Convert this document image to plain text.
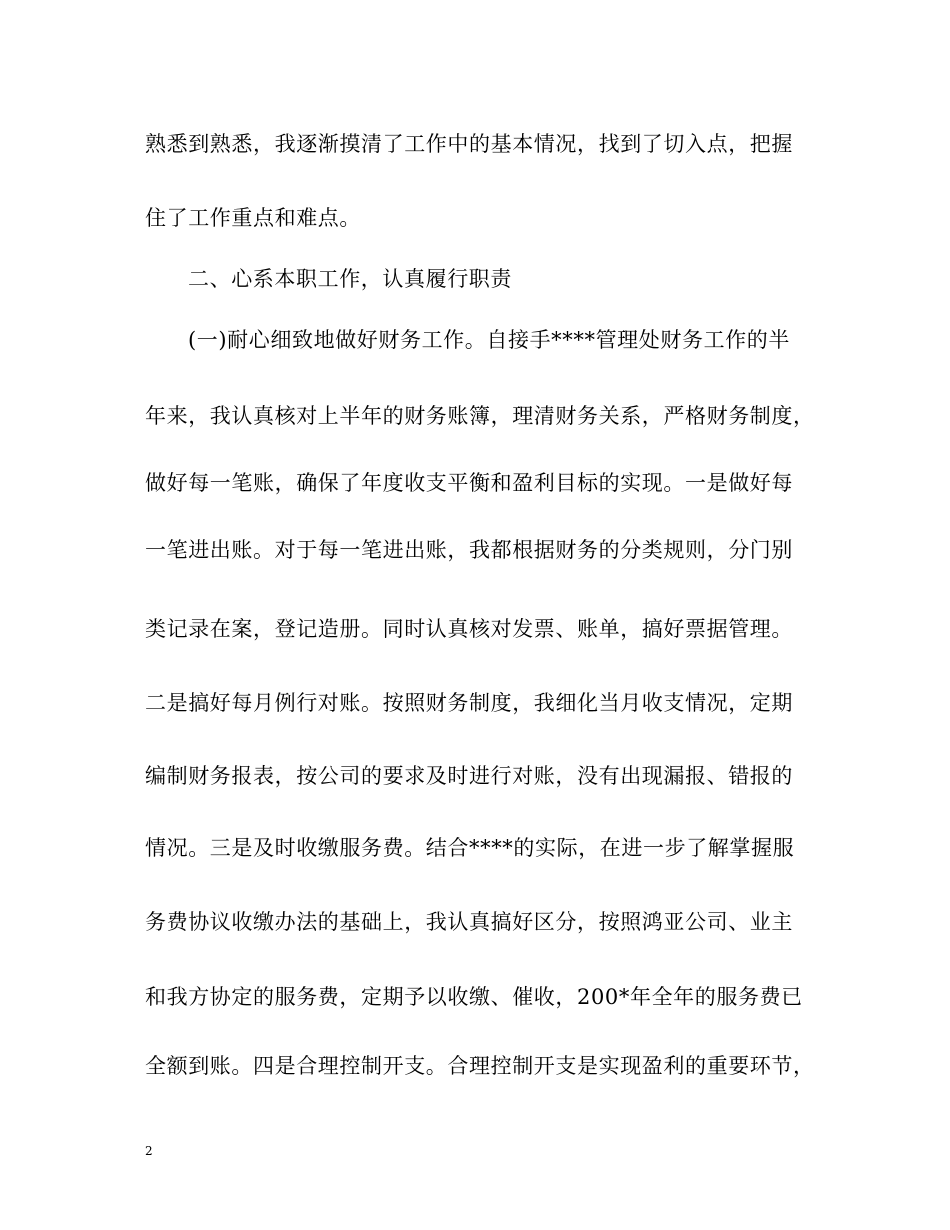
熟悉到熟悉，我逐渐摸清了工作中的基本情况，找到了切入点，把握
住了工作重点和难点。
二、心系本职工作，认真履行职责
(一)耐心细致地做好财务工作。自接手****管理处财务工作的半
年来，我认真核对上半年的财务账簿，理清财务关系，严格财务制度，
做好每一笔账，确保了年度收支平衡和盈利目标的实现。一是做好每
一笔进出账。对于每一笔进出账，我都根据财务的分类规则，分门别
类记录在案，登记造册。同时认真核对发票、账单，搞好票据管理。
二是搞好每月例行对账。按照财务制度，我细化当月收支情况，定期
编制财务报表，按公司的要求及时进行对账，没有出现漏报、错报的
情况。三是及时收缴服务费。结合****的实际，在进一步了解掌握服
务费协议收缴办法的基础上，我认真搞好区分，按照鸿亚公司、业主
和我方协定的服务费，定期予以收缴、催收，200*年全年的服务费已
全额到账。四是合理控制开支。合理控制开支是实现盈利的重要环节，
2
